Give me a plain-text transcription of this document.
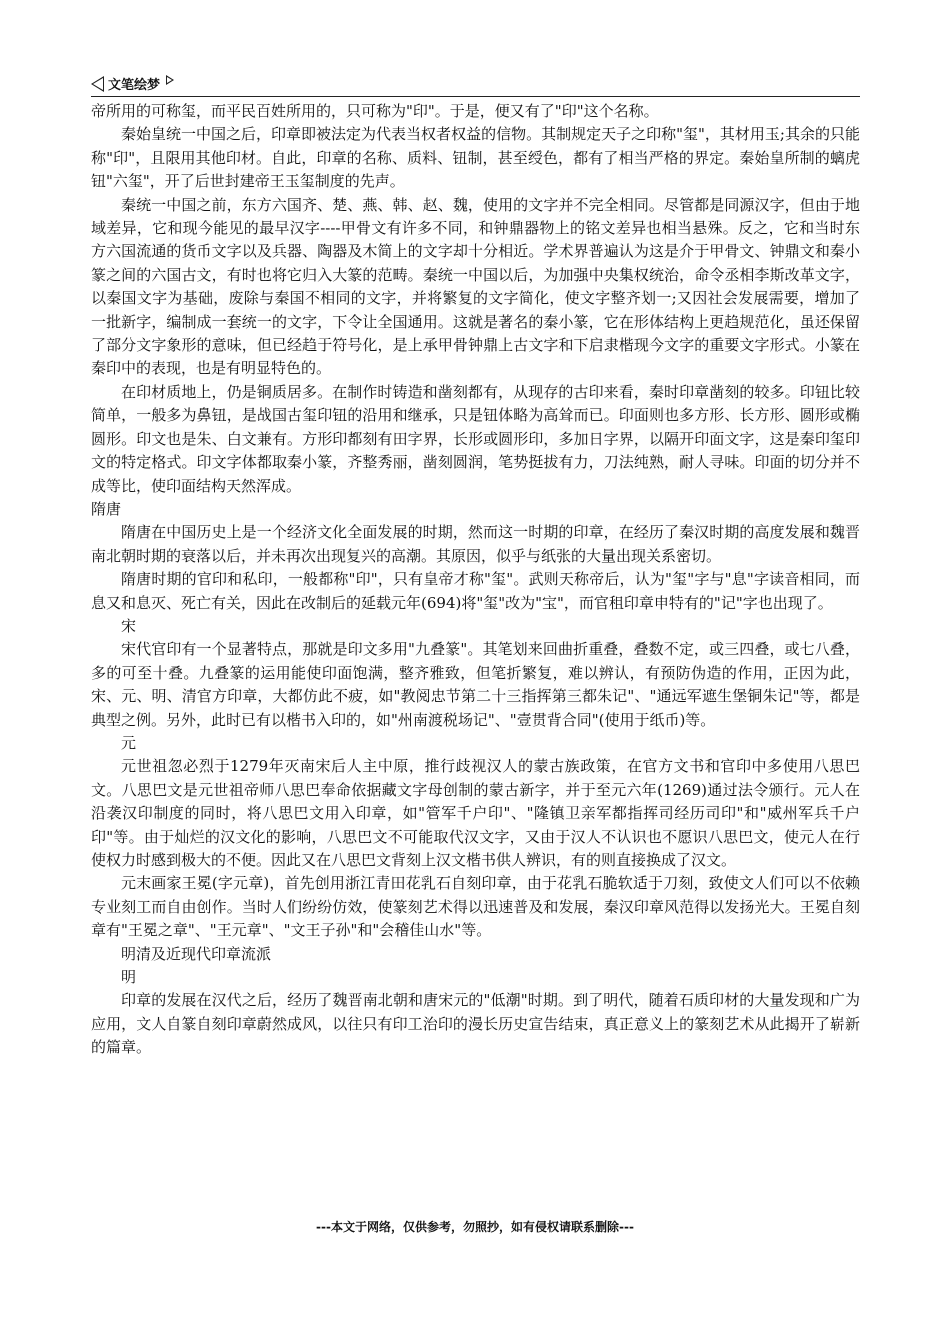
文笔绘梦

帝所用的可称玺，而平民百姓所用的，只可称为"印"。于是，便又有了"印"这个名称。

秦始皇统一中国之后，印章即被法定为代表当权者权益的信物。其制规定天子之印称"玺"，其材用玉;其余的只能称"印"，且限用其他印材。自此，印章的名称、质料、钮制，甚至绶色，都有了相当严格的界定。秦始皇所制的螭虎钮"六玺"，开了后世封建帝王玉玺制度的先声。

秦统一中国之前，东方六国齐、楚、燕、韩、赵、魏，使用的文字并不完全相同。尽管都是同源汉字，但由于地域差异，它和现今能见的最早汉字----甲骨文有许多不同，和钟鼎器物上的铭文差异也相当悬殊。反之，它和当时东方六国流通的货币文字以及兵器、陶器及木简上的文字却十分相近。学术界普遍认为这是介于甲骨文、钟鼎文和秦小篆之间的六国古文，有时也将它归入大篆的范畴。秦统一中国以后，为加强中央集权统治，命令丞相李斯改革文字，以秦国文字为基础，废除与秦国不相同的文字，并将繁复的文字简化，使文字整齐划一;又因社会发展需要，增加了一批新字，编制成一套统一的文字，下令让全国通用。这就是著名的秦小篆，它在形体结构上更趋规范化，虽还保留了部分文字象形的意味，但已经趋于符号化，是上承甲骨钟鼎上古文字和下启隶楷现今文字的重要文字形式。小篆在秦印中的表现，也是有明显特色的。

在印材质地上，仍是铜质居多。在制作时铸造和凿刻都有，从现存的古印来看，秦时印章凿刻的较多。印钮比较简单，一般多为鼻钮，是战国古玺印钮的沿用和继承，只是钮体略为高耸而已。印面则也多方形、长方形、圆形或椭圆形。印文也是朱、白文兼有。方形印都刻有田字界，长形或圆形印，多加日字界，以隔开印面文字，这是秦印玺印文的特定格式。印文字体都取秦小篆，齐整秀丽，凿刻圆润，笔势挺拔有力，刀法纯熟，耐人寻味。印面的切分并不成等比，使印面结构天然浑成。

隋唐

隋唐在中国历史上是一个经济文化全面发展的时期，然而这一时期的印章，在经历了秦汉时期的高度发展和魏晋南北朝时期的衰落以后，并未再次出现复兴的高潮。其原因，似乎与纸张的大量出现关系密切。

隋唐时期的官印和私印，一般都称"印"，只有皇帝才称"玺"。武则天称帝后，认为"玺"字与"息"字读音相同，而息又和息灭、死亡有关，因此在改制后的延载元年(694)将"玺"改为"宝"，而官租印章申特有的"记"字也出现了。

宋

宋代官印有一个显著特点，那就是印文多用"九叠篆"。其笔划来回曲折重叠，叠数不定，或三四叠，或七八叠，多的可至十叠。九叠篆的运用能使印面饱满，整齐雅致，但笔折繁复，难以辨认，有预防伪造的作用，正因为此，宋、元、明、清官方印章，大都仿此不疲，如"教阅忠节第二十三指挥第三都朱记"、"通远军遮生堡铜朱记"等，都是典型之例。另外，此时已有以楷书入印的，如"州南渡税场记"、"壹贯背合同"(使用于纸币)等。

元

元世祖忽必烈于1279年灭南宋后人主中原，推行歧视汉人的蒙古族政策，在官方文书和官印中多使用八思巴文。八思巴文是元世祖帝师八思巴奉命依据藏文字母创制的蒙古新字，并于至元六年(1269)通过法令颁行。元人在沿袭汉印制度的同时，将八思巴文用入印章，如"管军千户印"、"隆镇卫亲军都指挥司经历司印"和"威州军兵千户印"等。由于灿烂的汉文化的影响，八思巴文不可能取代汉文字，又由于汉人不认识也不愿识八思巴文，使元人在行使权力时感到极大的不便。因此又在八思巴文背刻上汉文楷书供人辨识，有的则直接换成了汉文。

元末画家王冕(字元章)，首先创用浙江青田花乳石自刻印章，由于花乳石脆软适于刀刻，致使文人们可以不依赖专业刻工而自由创作。当时人们纷纷仿效，使篆刻艺术得以迅速普及和发展，秦汉印章风范得以发扬光大。王冕自刻章有"王冕之章"、"王元章"、"文王子孙"和"会稽佳山水"等。

明清及近现代印章流派

明

印章的发展在汉代之后，经历了魏晋南北朝和唐宋元的"低潮"时期。到了明代，随着石质印材的大量发现和广为应用，文人自篆自刻印章蔚然成风，以往只有印工治印的漫长历史宣告结束，真正意义上的篆刻艺术从此揭开了崭新的篇章。

---本文于网络，仅供参考，勿照抄，如有侵权请联系删除---
